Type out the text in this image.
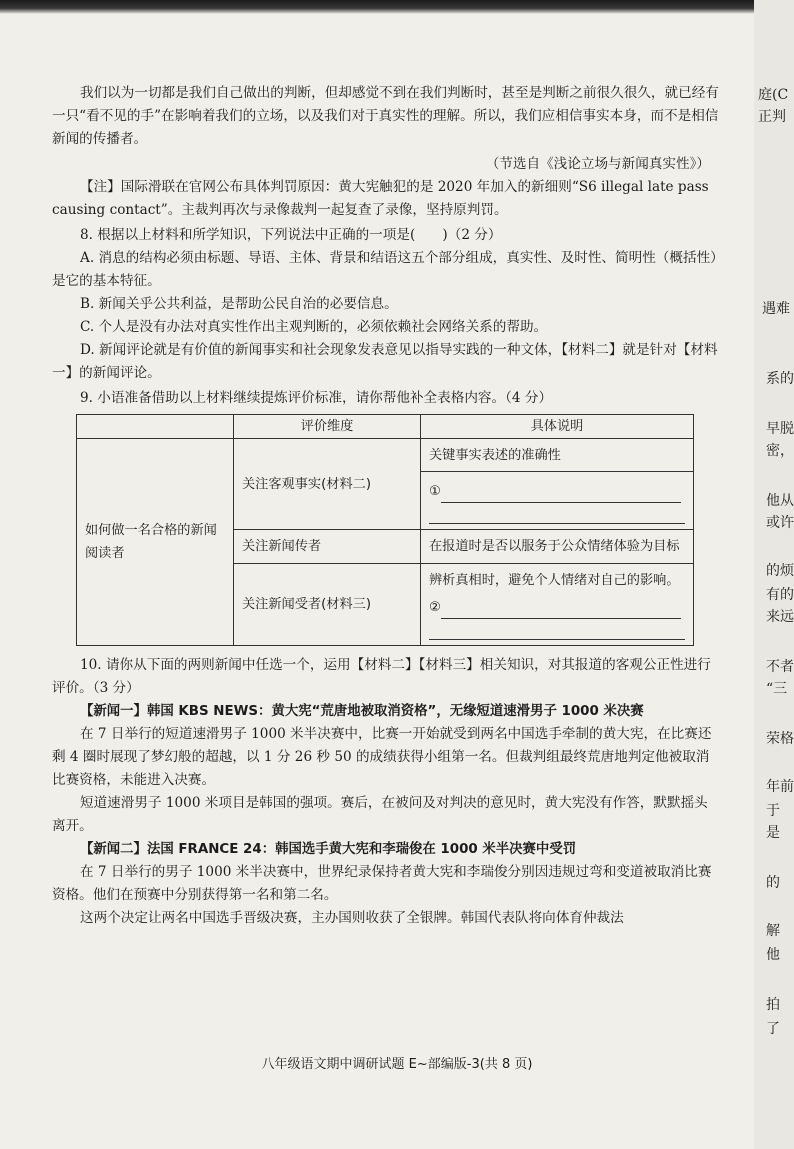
庭(C
正判
遇难
系的
早脱
密，
他从
或许
的烦
有的
来远
不者
“三
荣格
年前
于
是
的
解
他
拍
了

我们以为一切都是我们自己做出的判断，但却感觉不到在我们判断时，甚至是判断之前很久很久，就已经有一只“看不见的手”在影响着我们的立场，以及我们对于真实性的理解。所以，我们应相信事实本身，而不是相信新闻的传播者。

（节选自《浅论立场与新闻真实性》）

【注】国际滑联在官网公布具体判罚原因：黄大宪触犯的是 2020 年加入的新细则“S6 illegal late pass causing contact”。主裁判再次与录像裁判一起复查了录像，坚持原判罚。

8. 根据以上材料和所学知识，下列说法中正确的一项是(　　)（2 分）

A. 消息的结构必须由标题、导语、主体、背景和结语这五个部分组成，真实性、及时性、简明性（概括性）是它的基本特征。

B. 新闻关乎公共利益，是帮助公民自治的必要信息。

C. 个人是没有办法对真实性作出主观判断的，必须依赖社会网络关系的帮助。

D. 新闻评论就是有价值的新闻事实和社会现象发表意见以指导实践的一种文体，【材料二】就是针对【材料一】的新闻评论。

9. 小语准备借助以上材料继续提炼评价标准，请你帮他补全表格内容。（4 分）

	评价维度	具体说明
如何做一名合格的新闻阅读者	关注客观事实(材料二)	关键事实表述的准确性
①

	关注新闻传者	在报道时是否以服务于公众情绪体验为目标
	关注新闻受者(材料三)	辨析真相时，避免个人情绪对自己的影响。
②

10. 请你从下面的两则新闻中任选一个，运用【材料二】【材料三】相关知识，对其报道的客观公正性进行评价。（3 分）

【新闻一】韩国 KBS NEWS：黄大宪“荒唐地被取消资格”，无缘短道速滑男子 1000 米决赛

在 7 日举行的短道速滑男子 1000 米半决赛中，比赛一开始就受到两名中国选手牵制的黄大宪，在比赛还剩 4 圈时展现了梦幻般的超越，以 1 分 26 秒 50 的成绩获得小组第一名。但裁判组最终荒唐地判定他被取消比赛资格，未能进入决赛。

短道速滑男子 1000 米项目是韩国的强项。赛后，在被问及对判决的意见时，黄大宪没有作答，默默摇头离开。

【新闻二】法国 FRANCE 24：韩国选手黄大宪和李瑞俊在 1000 米半决赛中受罚

在 7 日举行的男子 1000 米半决赛中，世界纪录保持者黄大宪和李瑞俊分别因违规过弯和变道被取消比赛资格。他们在预赛中分别获得第一名和第二名。

这两个决定让两名中国选手晋级决赛，主办国则收获了全银牌。韩国代表队将向体育仲裁法

八年级语文期中调研试题 E~部编版-3(共 8 页)
